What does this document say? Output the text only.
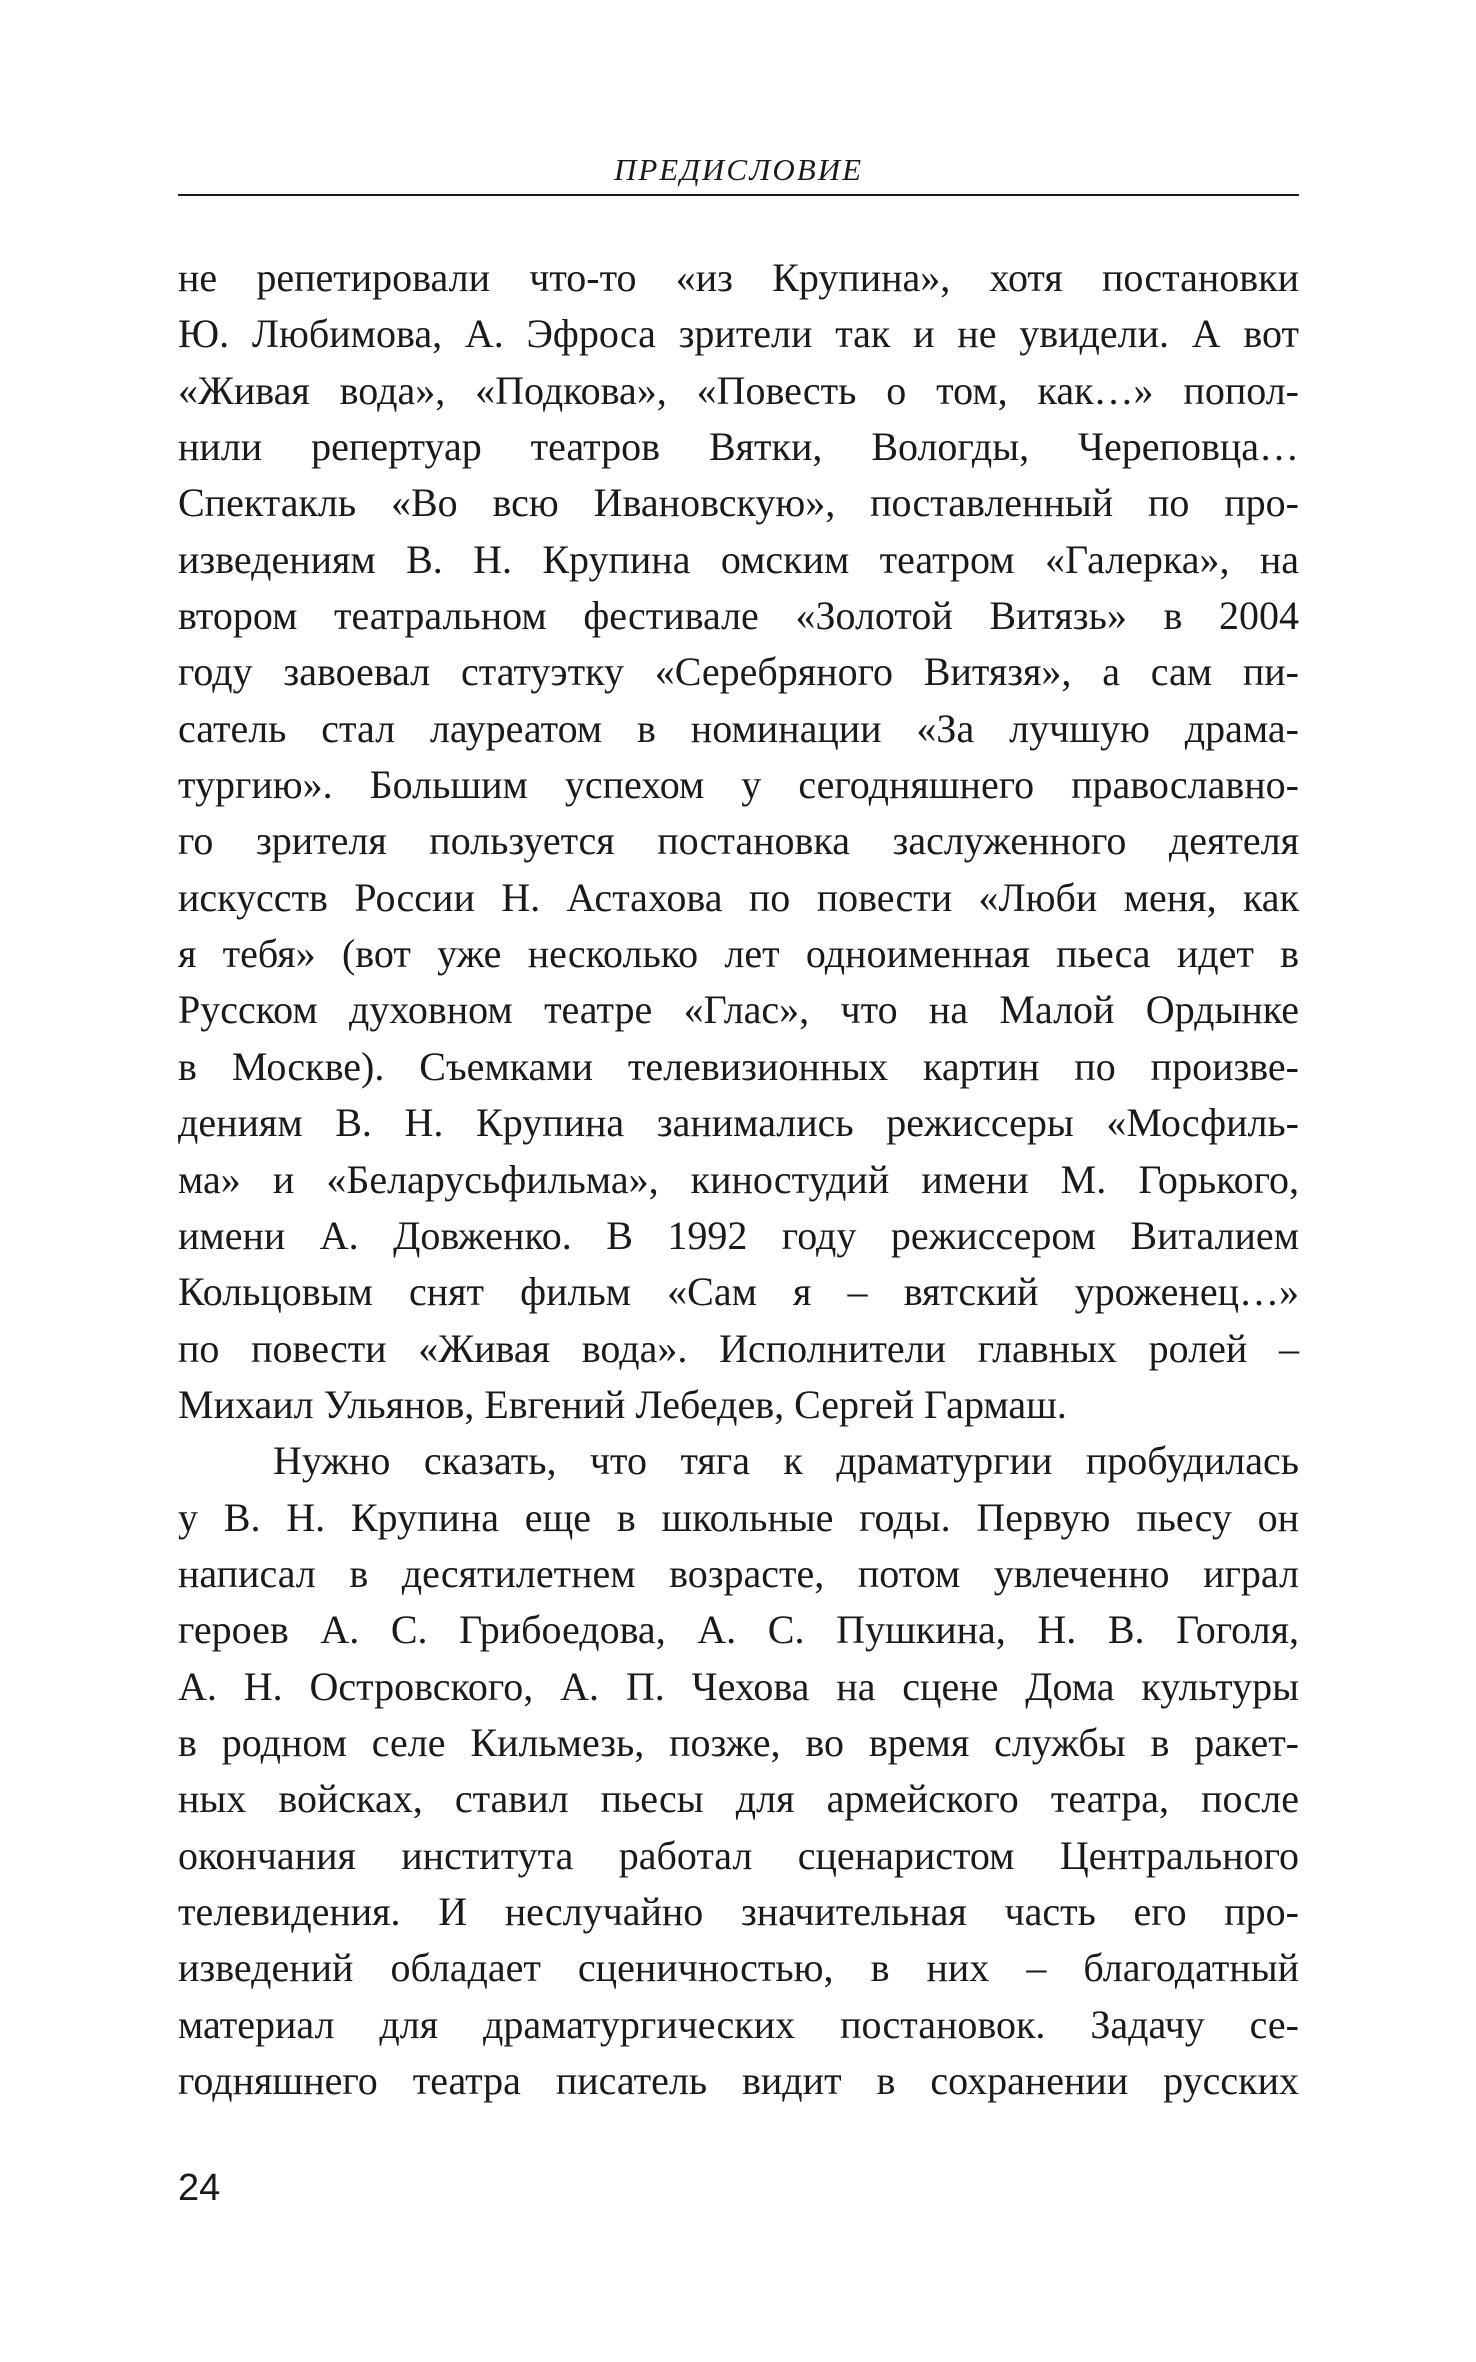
ПРЕДИСЛОВИЕ
не репетировали что-то «из Крупина», хотя постановки
Ю. Любимова, А. Эфроса зрители так и не увидели. А вот
«Живая вода», «Подкова», «Повесть о том, как…» попол-
нили репертуар театров Вятки, Вологды, Череповца…
Спектакль «Во всю Ивановскую», поставленный по про-
изведениям В. Н. Крупина омским театром «Галерка», на
втором театральном фестивале «Золотой Витязь» в 2004
году завоевал статуэтку «Серебряного Витязя», а сам пи-
сатель стал лауреатом в номинации «За лучшую драма-
тургию». Большим успехом у сегодняшнего православно-
го зрителя пользуется постановка заслуженного деятеля
искусств России Н. Астахова по повести «Люби меня, как
я тебя» (вот уже несколько лет одноименная пьеса идет в
Русском духовном театре «Глас», что на Малой Ордынке
в Москве). Съемками телевизионных картин по произве-
дениям В. Н. Крупина занимались режиссеры «Мосфиль-
ма» и «Беларусьфильма», киностудий имени М. Горького,
имени А. Довженко. В 1992 году режиссером Виталием
Кольцовым снят фильм «Сам я – вятский уроженец…»
по повести «Живая вода». Исполнители главных ролей –
Михаил Ульянов, Евгений Лебедев, Сергей Гармаш.
Нужно сказать, что тяга к драматургии пробудилась
у В. Н. Крупина еще в школьные годы. Первую пьесу он
написал в десятилетнем возрасте, потом увлеченно играл
героев А. С. Грибоедова, А. С. Пушкина, Н. В. Гоголя,
А. Н. Островского, А. П. Чехова на сцене Дома культуры
в родном селе Кильмезь, позже, во время службы в ракет-
ных войсках, ставил пьесы для армейского театра, после
окончания института работал сценаристом Центрального
телевидения. И неслучайно значительная часть его про-
изведений обладает сценичностью, в них – благодатный
материал для драматургических постановок. Задачу се-
годняшнего театра писатель видит в сохранении русских
24
